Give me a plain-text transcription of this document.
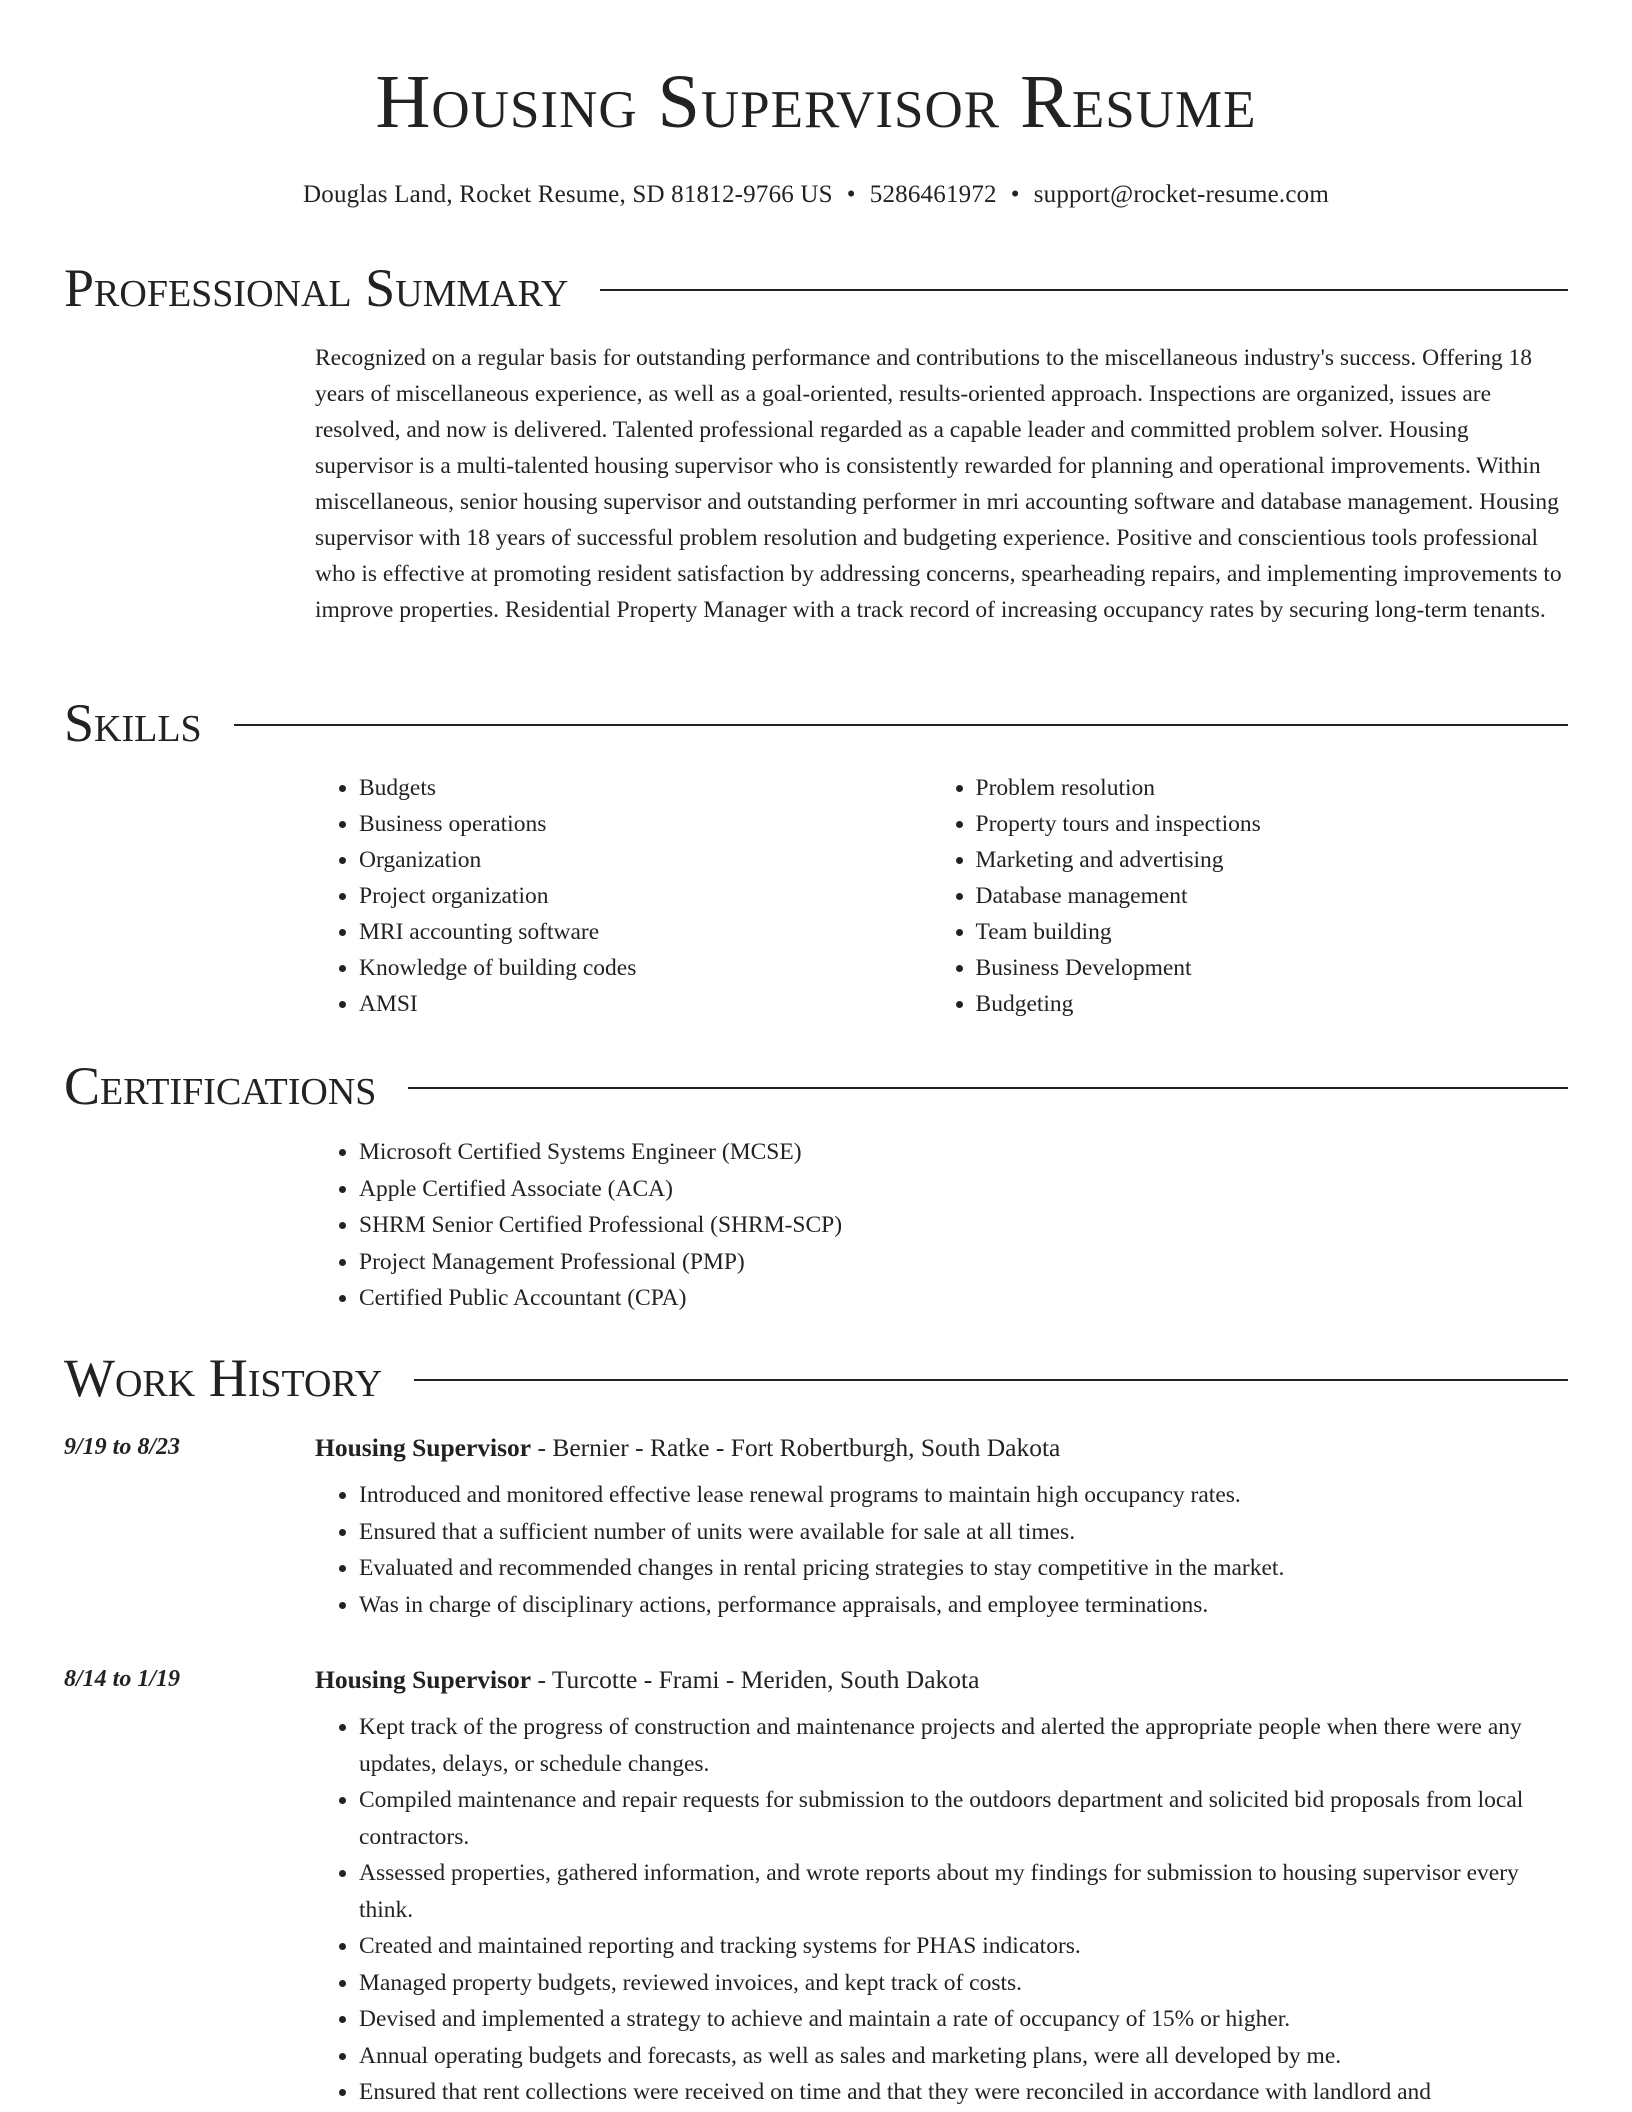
Housing Supervisor Resume
Douglas Land, Rocket Resume, SD 81812-9766 US • 5286461972 • support@rocket-resume.com
Professional Summary

Recognized on a regular basis for outstanding performance and contributions to the miscellaneous industry's success. Offering 18 years of miscellaneous experience, as well as a goal-oriented, results-oriented approach. Inspections are organized, issues are resolved, and now is delivered. Talented professional regarded as a capable leader and committed problem solver. Housing supervisor is a multi-talented housing supervisor who is consistently rewarded for planning and operational improvements. Within miscellaneous, senior housing supervisor and outstanding performer in mri accounting software and database management. Housing supervisor with 18 years of successful problem resolution and budgeting experience. Positive and conscientious tools professional who is effective at promoting resident satisfaction by addressing concerns, spearheading repairs, and implementing improvements to improve properties. Residential Property Manager with a track record of increasing occupancy rates by securing long-term tenants.

Skills
• Budgets
• Business operations
• Organization
• Project organization
• MRI accounting software
• Knowledge of building codes
• AMSI
• Problem resolution
• Property tours and inspections
• Marketing and advertising
• Database management
• Team building
• Business Development
• Budgeting
Certifications
• Microsoft Certified Systems Engineer (MCSE)
• Apple Certified Associate (ACA)
• SHRM Senior Certified Professional (SHRM-SCP)
• Project Management Professional (PMP)
• Certified Public Accountant (CPA)
Work History
9/19 to 8/23	Housing Supervisor - Bernier - Ratke - Fort Robertburgh, South Dakota
• Introduced and monitored effective lease renewal programs to maintain high occupancy rates.
• Ensured that a sufficient number of units were available for sale at all times.
• Evaluated and recommended changes in rental pricing strategies to stay competitive in the market.
• Was in charge of disciplinary actions, performance appraisals, and employee terminations.
8/14 to 1/19	Housing Supervisor - Turcotte - Frami - Meriden, South Dakota
• Kept track of the progress of construction and maintenance projects and alerted the appropriate people when there were any updates, delays, or schedule changes.
• Compiled maintenance and repair requests for submission to the outdoors department and solicited bid proposals from local contractors.
• Assessed properties, gathered information, and wrote reports about my findings for submission to housing supervisor every think.
• Created and maintained reporting and tracking systems for PHAS indicators.
• Managed property budgets, reviewed invoices, and kept track of costs.
• Devised and implemented a strategy to achieve and maintain a rate of occupancy of 15% or higher.
• Annual operating budgets and forecasts, as well as sales and marketing plans, were all developed by me.
• Ensured that rent collections were received on time and that they were reconciled in accordance with landlord and
